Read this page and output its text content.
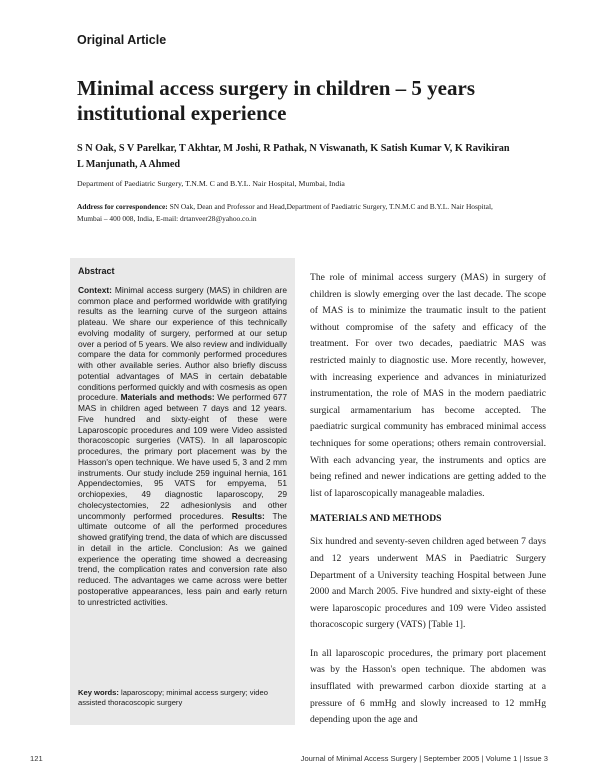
Original Article
Minimal access surgery in children – 5 years
institutional experience
S N Oak, S V Parelkar, T Akhtar, M Joshi, R Pathak, N Viswanath, K Satish Kumar V, K Ravikiran
L Manjunath, A Ahmed
Department of Paediatric Surgery, T.N.M. C and B.Y.L. Nair Hospital, Mumbai, India
Address for correspondence: SN Oak, Dean and Professor and Head,Department of Paediatric Surgery, T.N.M.C and B.Y.L. Nair Hospital,
Mumbai – 400 008, India, E-mail: drtanveer28@yahoo.co.in
Abstract

Context: Minimal access surgery (MAS) in children are common place and performed worldwide with gratifying results as the learning curve of the surgeon attains plateau. We share our experience of this technically evolving modality of surgery, performed at our setup over a period of 5 years. We also review and individually compare the data for commonly performed procedures with other available series. Author also briefly discuss potential advantages of MAS in certain debatable conditions performed quickly and with cosmesis as open procedure. Materials and methods: We performed 677 MAS in children aged between 7 days and 12 years. Five hundred and sixty-eight of these were Laparoscopic procedures and 109 were Video assisted thoracoscopic surgeries (VATS). In all laparoscopic procedures, the primary port placement was by the Hasson's open technique. We have used 5, 3 and 2 mm instruments. Our study include 259 inguinal hernia, 161 Appendectomies, 95 VATS for empyema, 51 orchiopexies, 49 diagnostic laparoscopy, 29 cholecystectomies, 22 adhesionlysis and other uncommonly performed procedures. Results: The ultimate outcome of all the performed procedures showed gratifying trend, the data of which are discussed in detail in the article. Conclusion: As we gained experience the operating time showed a decreasing trend, the complication rates and conversion rate also reduced. The advantages we came across were better postoperative appearances, less pain and early return to unrestricted activities.

Key words: laparoscopy; minimal access surgery; video assisted thoracoscopic surgery

The role of minimal access surgery (MAS) in surgery of children is slowly emerging over the last decade. The scope of MAS is to minimize the traumatic insult to the patient without compromise of the safety and efficacy of the treatment. For over two decades, paediatric MAS was restricted mainly to diagnostic use. More recently, however, with increasing experience and advances in miniaturized instrumentation, the role of MAS in the modern paediatric surgical armamentarium has become accepted. The paediatric surgical community has embraced minimal access techniques for some operations; others remain controversial. With each advancing year, the instruments and optics are being refined and newer indications are getting added to the list of laparoscopically manageable maladies.

MATERIALS AND METHODS

Six hundred and seventy-seven children aged between 7 days and 12 years underwent MAS in Paediatric Surgery Department of a University teaching Hospital between June 2000 and March 2005. Five hundred and sixty-eight of these were laparoscopic procedures and 109 were Video assisted thoracoscopic surgery (VATS) [Table 1].

In all laparoscopic procedures, the primary port placement was by the Hasson's open technique. The abdomen was insufflated with prewarmed carbon dioxide starting at a pressure of 6 mmHg and slowly increased to 12 mmHg depending upon the age and

121	Journal of Minimal Access Surgery | September 2005 | Volume 1 | Issue 3
